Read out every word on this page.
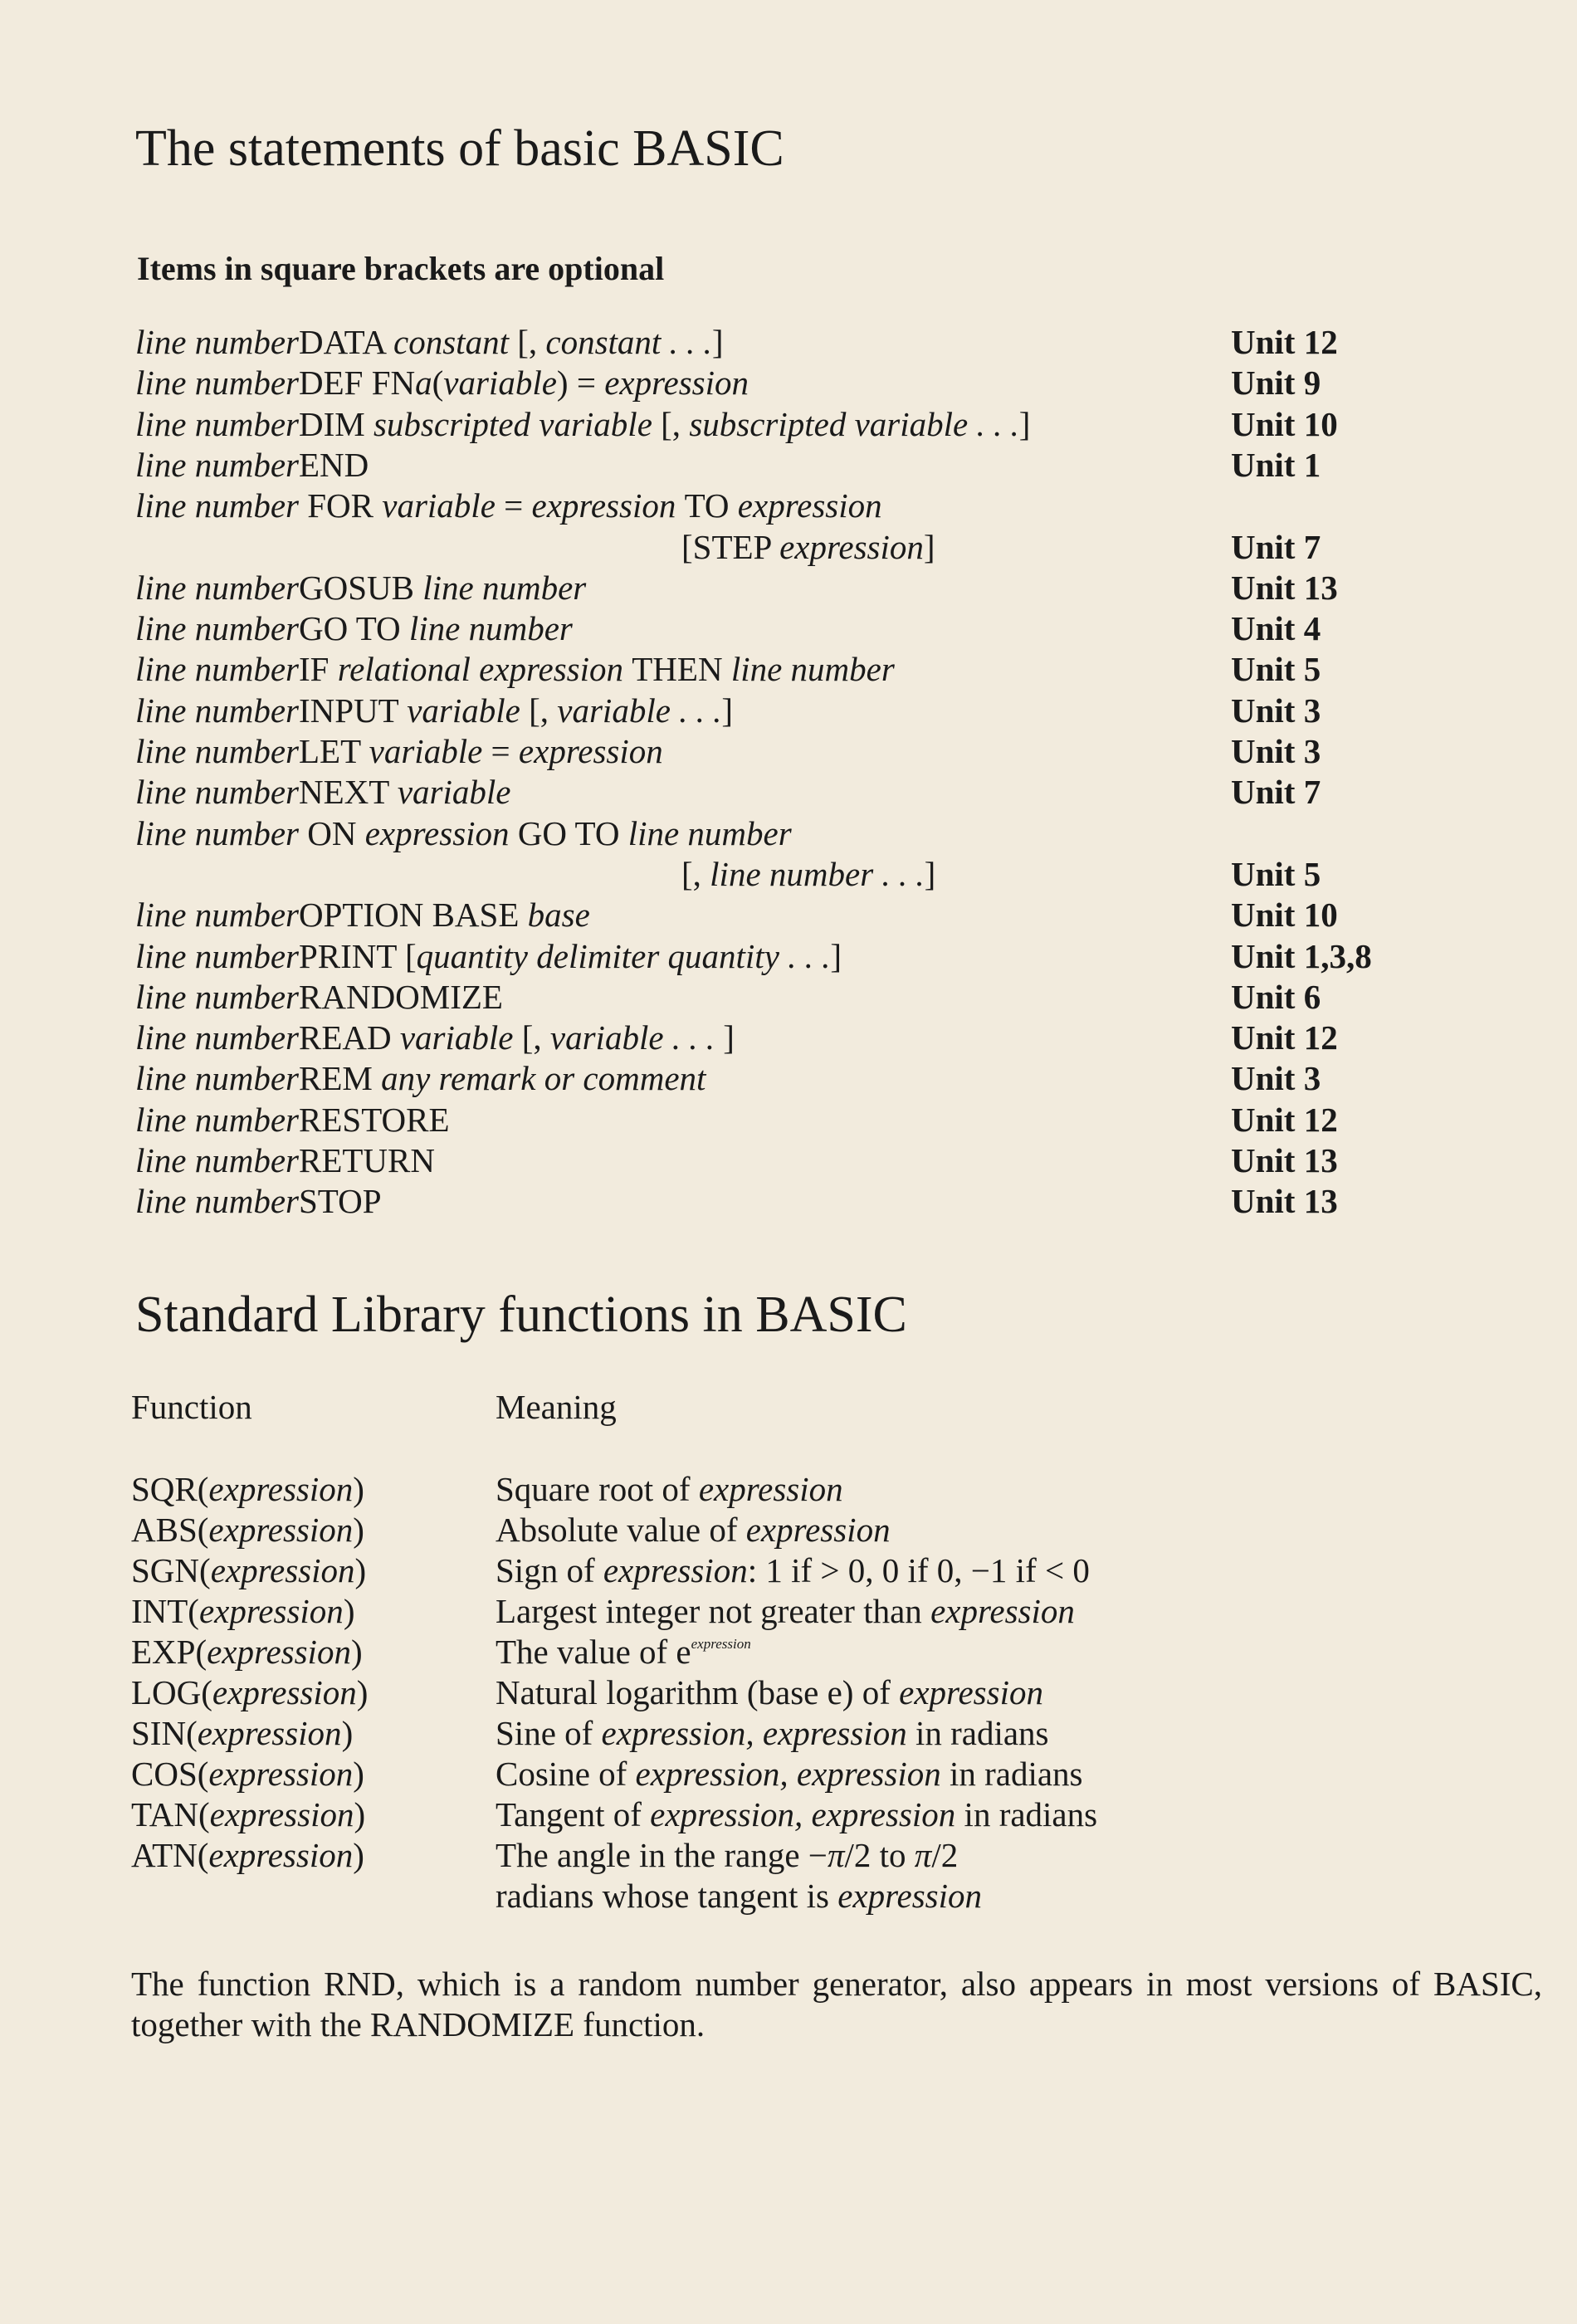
The statements of basic BASIC

Items in square brackets are optional

line numberDATA constant [, constant . . .]	Unit 12
line numberDEF FNa(variable) = expression	Unit 9
line numberDIM subscripted variable [, subscripted variable . . .]	Unit 10
line numberEND	Unit 1
line number FOR variable = expression TO expression
[STEP expression]	Unit 7
line numberGOSUB line number	Unit 13
line numberGO TO line number	Unit 4
line numberIF relational expression THEN line number	Unit 5
line numberINPUT variable [, variable . . .]	Unit 3
line numberLET variable = expression	Unit 3
line numberNEXT variable	Unit 7
line number ON expression GO TO line number
[, line number . . .]	Unit 5
line numberOPTION BASE base	Unit 10
line numberPRINT [quantity delimiter quantity . . .]	Unit 1,3,8
line numberRANDOMIZE	Unit 6
line numberREAD variable [, variable . . . ]	Unit 12
line numberREM any remark or comment	Unit 3
line numberRESTORE	Unit 12
line numberRETURN	Unit 13
line numberSTOP	Unit 13
Standard Library functions in BASIC
Function	Meaning
SQR(expression)	Square root of expression
ABS(expression)	Absolute value of expression
SGN(expression)	Sign of expression: 1 if > 0, 0 if 0, −1 if < 0
INT(expression)	Largest integer not greater than expression
EXP(expression)	The value of $e^{expression}$
LOG(expression)	Natural logarithm (base e) of expression
SIN(expression)	Sine of expression, expression in radians
COS(expression)	Cosine of expression, expression in radians
TAN(expression)	Tangent of expression, expression in radians
ATN(expression)	The angle in the range −π/2 to π/2
radians whose tangent is expression

The function RND, which is a random number generator, also appears in most versions of BASIC, together with the RANDOMIZE function.
